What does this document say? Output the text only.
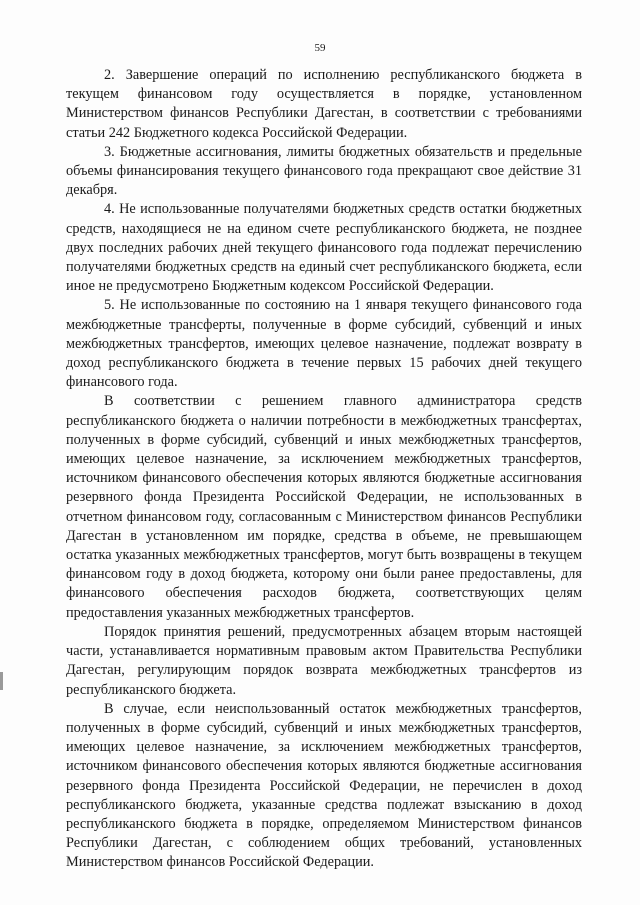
59

2. Завершение операций по исполнению республиканского бюджета в текущем финансовом году осуществляется в порядке, установленном Министерством финансов Республики Дагестан, в соответствии с требованиями статьи 242 Бюджетного кодекса Российской Федерации.

3. Бюджетные ассигнования, лимиты бюджетных обязательств и предельные объемы финансирования текущего финансового года прекращают свое действие 31 декабря.

4. Не использованные получателями бюджетных средств остатки бюджетных средств, находящиеся не на едином счете республиканского бюджета, не позднее двух последних рабочих дней текущего финансового года подлежат перечислению получателями бюджетных средств на единый счет республиканского бюджета, если иное не предусмотрено Бюджетным кодексом Российской Федерации.

5. Не использованные по состоянию на 1 января текущего финансового года межбюджетные трансферты, полученные в форме субсидий, субвенций и иных межбюджетных трансфертов, имеющих целевое назначение, подлежат возврату в доход республиканского бюджета в течение первых 15 рабочих дней текущего финансового года.

В соответствии с решением главного администратора средств республиканского бюджета о наличии потребности в межбюджетных трансфертах, полученных в форме субсидий, субвенций и иных межбюджетных трансфертов, имеющих целевое назначение, за исключением межбюджетных трансфертов, источником финансового обеспечения которых являются бюджетные ассигнования резервного фонда Президента Российской Федерации, не использованных в отчетном финансовом году, согласованным с Министерством финансов Республики Дагестан в установленном им порядке, средства в объеме, не превышающем остатка указанных межбюджетных трансфертов, могут быть возвращены в текущем финансовом году в доход бюджета, которому они были ранее предоставлены, для финансового обеспечения расходов бюджета, соответствующих целям предоставления указанных межбюджетных трансфертов.

Порядок принятия решений, предусмотренных абзацем вторым настоящей части, устанавливается нормативным правовым актом Правительства Республики Дагестан, регулирующим порядок возврата межбюджетных трансфертов из республиканского бюджета.

В случае, если неиспользованный остаток межбюджетных трансфертов, полученных в форме субсидий, субвенций и иных межбюджетных трансфертов, имеющих целевое назначение, за исключением межбюджетных трансфертов, источником финансового обеспечения которых являются бюджетные ассигнования резервного фонда Президента Российской Федерации, не перечислен в доход республиканского бюджета, указанные средства подлежат взысканию в доход республиканского бюджета в порядке, определяемом Министерством финансов Республики Дагестан, с соблюдением общих требований, установленных Министерством финансов Российской Федерации.
